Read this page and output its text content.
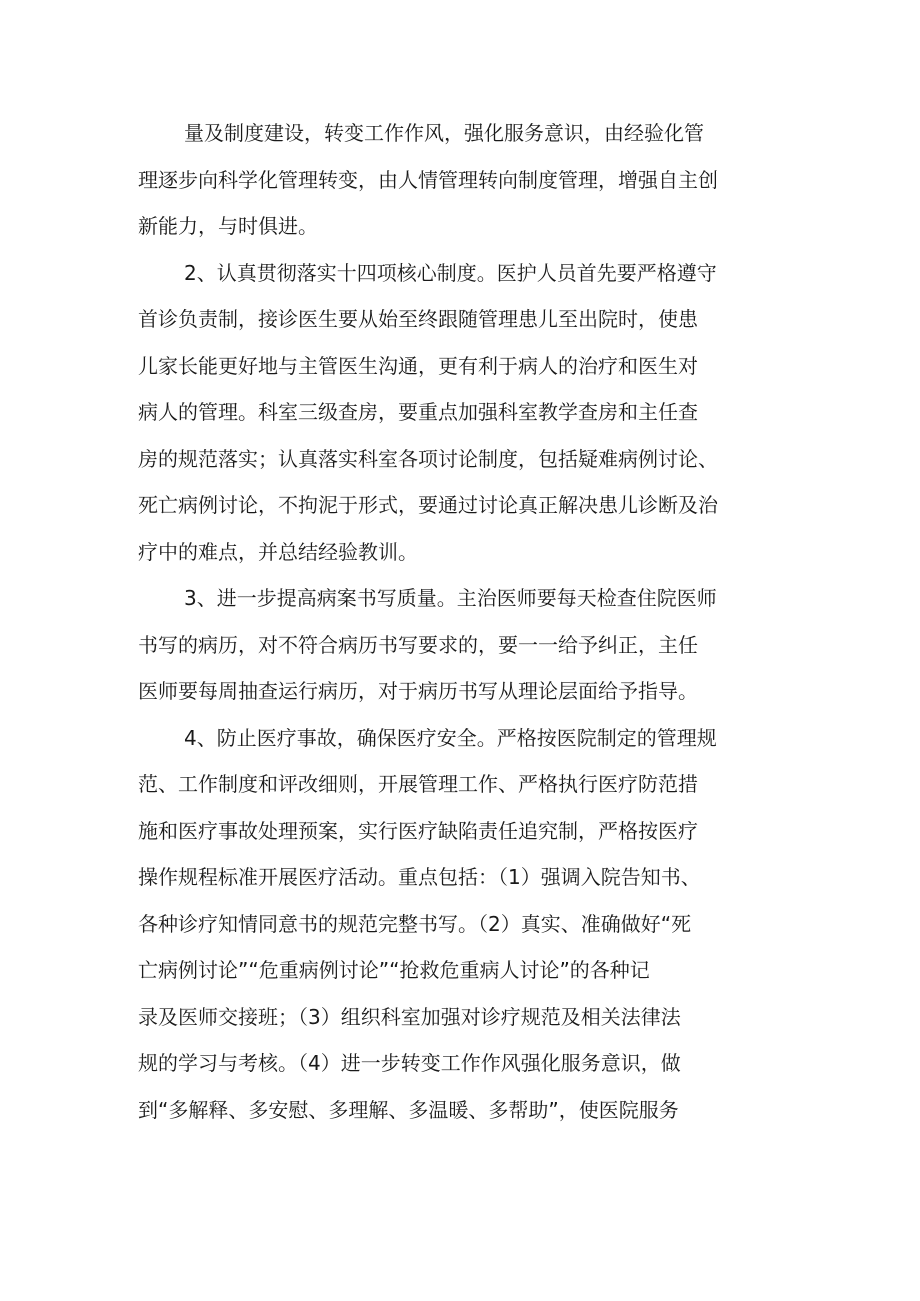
量及制度建设，转变工作作风，强化服务意识，由经验化管
理逐步向科学化管理转变，由人情管理转向制度管理，增强自主创
新能力，与时俱进。
2、认真贯彻落实十四项核心制度。医护人员首先要严格遵守
首诊负责制，接诊医生要从始至终跟随管理患儿至出院时，使患
儿家长能更好地与主管医生沟通，更有利于病人的治疗和医生对
病人的管理。科室三级查房，要重点加强科室教学查房和主任查
房的规范落实；认真落实科室各项讨论制度，包括疑难病例讨论、
死亡病例讨论，不拘泥于形式，要通过讨论真正解决患儿诊断及治
疗中的难点，并总结经验教训。
3、进一步提高病案书写质量。主治医师要每天检查住院医师
书写的病历，对不符合病历书写要求的，要一一给予纠正，主任
医师要每周抽查运行病历，对于病历书写从理论层面给予指导。
4、防止医疗事故，确保医疗安全。严格按医院制定的管理规
范、工作制度和评改细则，开展管理工作、严格执行医疗防范措
施和医疗事故处理预案，实行医疗缺陷责任追究制，严格按医疗
操作规程标准开展医疗活动。重点包括：（1）强调入院告知书、
各种诊疗知情同意书的规范完整书写。（2）真实、准确做好“死
亡病例讨论”“危重病例讨论”“抢救危重病人讨论”的各种记
录及医师交接班；（3）组织科室加强对诊疗规范及相关法律法
规的学习与考核。（4）进一步转变工作作风强化服务意识，做
到“多解释、多安慰、多理解、多温暖、多帮助”，使医院服务
